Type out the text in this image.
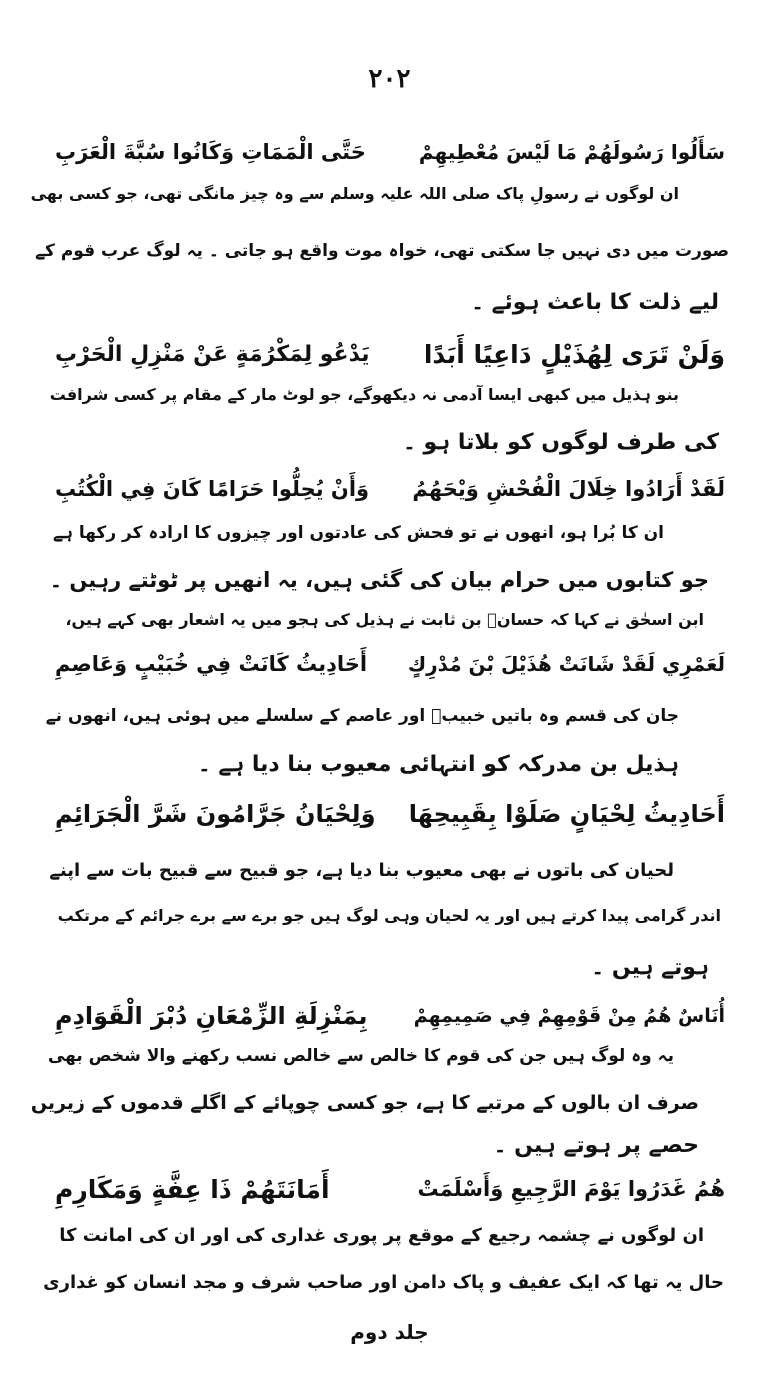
۲۰۲
سَأَلُوا رَسُولَهُمْ مَا لَيْسَ مُعْطِيهِمْ
حَتَّى الْمَمَاتِ وَكَانُوا سُبَّةَ الْعَرَبِ
ان لوگوں نے رسولِ پاک صلی اللہ علیہ وسلم سے وہ چیز مانگی تھی، جو کسی بھی
صورت میں دی نہیں جا سکتی تھی، خواہ موت واقع ہو جاتی ۔ یہ لوگ عرب قوم کے
لیے ذلت کا باعث ہوئے ۔
وَلَنْ تَرَى لِهُذَيْلٍ دَاعِيًا أَبَدًا
يَدْعُو لِمَكْرُمَةٍ عَنْ مَنْزِلِ الْحَرْبِ
بنو ہذیل میں کبھی ایسا آدمی نہ دیکھوگے، جو لوٹ مار کے مقام پر کسی شرافت
کی طرف لوگوں کو بلاتا ہو ۔
لَقَدْ أَرَادُوا خِلَالَ الْفُحْشِ وَيْحَهُمُ
وَأَنْ يُحِلُّوا حَرَامًا كَانَ فِي الْكُتُبِ
ان کا بُرا ہو، انھوں نے تو فحش کی عادتوں اور چیزوں کا ارادہ کر رکھا ہے
جو کتابوں میں حرام بیان کی گئی ہیں، یہ انھیں پر ٹوٹتے رہیں ۔
ابن اسحٰق نے کہا کہ حسانؓ بن ثابت نے ہذیل کی ہجو میں یہ اشعار بھی کہے ہیں،
لَعَمْرِي لَقَدْ شَانَتْ هُذَيْلَ بْنَ مُدْرِكٍ
أَحَادِيثُ كَانَتْ فِي خُبَيْبٍ وَعَاصِمِ
جان کی قسم وہ باتیں خبیبؓ اور عاصم کے سلسلے میں ہوئی ہیں، انھوں نے
ہذیل بن مدرکہ کو انتہائی معیوب بنا دیا ہے ۔
أَحَادِيثُ لِحْيَانٍ صَلَوْا بِقَبِيحِهَا
وَلِحْيَانُ جَرَّامُونَ شَرَّ الْجَرَائِمِ
لحیان کی باتوں نے بھی معیوب بنا دیا ہے، جو قبیح سے قبیح بات سے اپنے
اندر گرامی پیدا کرتے ہیں اور یہ لحیان وہی لوگ ہیں جو برے سے برے جرائم کے مرتکب
ہوتے ہیں ۔
أُنَاسٌ هُمُ مِنْ قَوْمِهِمْ فِي صَمِيمِهِمْ
بِمَنْزِلَةِ الزِّمْعَانِ دُبْرَ الْقَوَادِمِ
یہ وہ لوگ ہیں جن کی قوم کا خالص سے خالص نسب رکھنے والا شخص بھی
صرف ان بالوں کے مرتبے کا ہے، جو کسی چوپائے کے اگلے قدموں کے زیریں
حصے پر ہوتے ہیں ۔
هُمُ غَدَرُوا يَوْمَ الرَّجِيعِ وَأَسْلَمَتْ
أَمَانَتَهُمْ ذَا عِفَّةٍ وَمَكَارِمِ
ان لوگوں نے چشمہ رجیع کے موقع پر پوری غداری کی اور ان کی امانت کا
حال یہ تھا کہ ایک عفیف و پاک دامن اور صاحب شرف و مجد انسان کو غداری
جلد دوم
